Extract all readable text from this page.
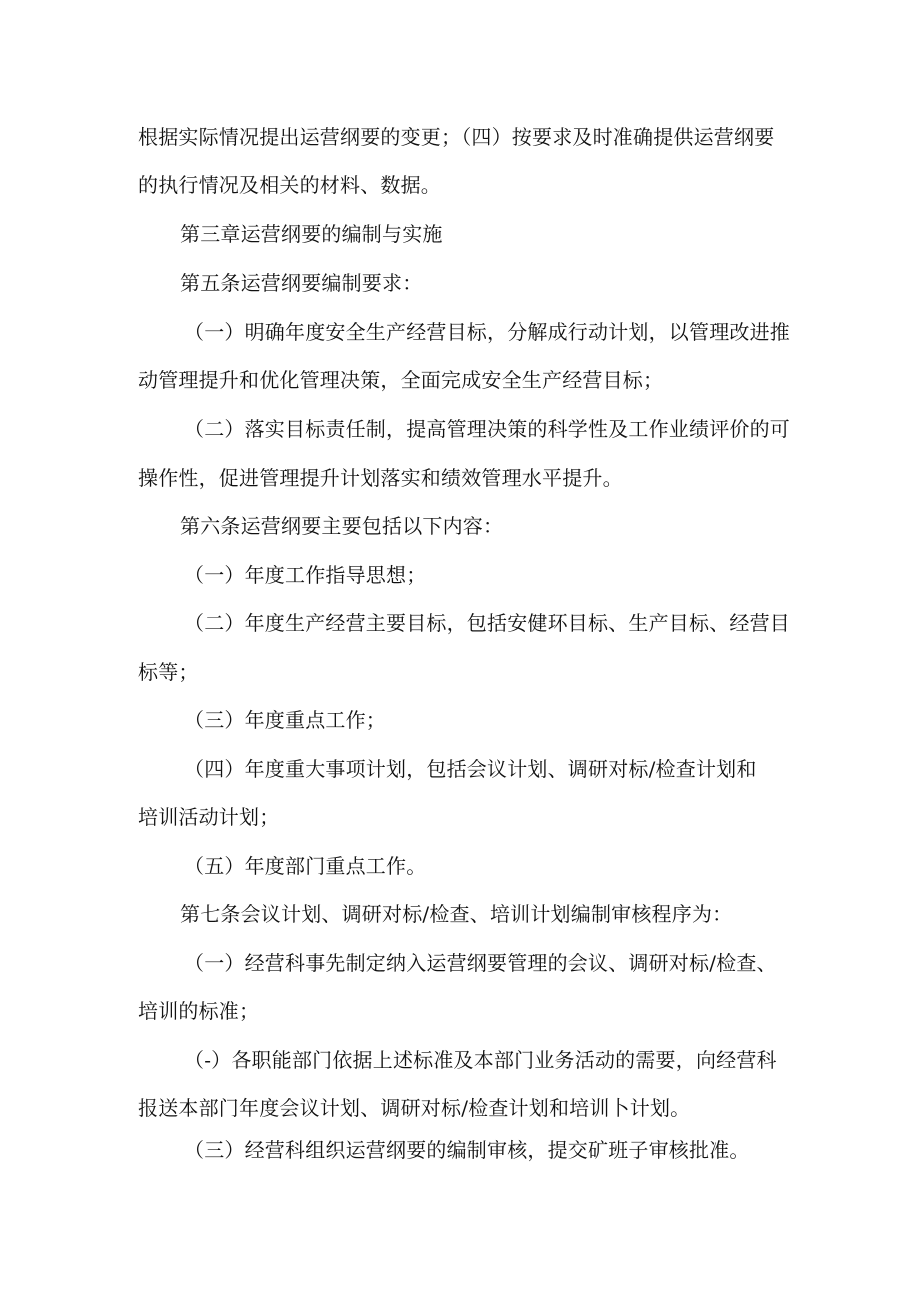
根据实际情况提出运营纲要的变更；（四）按要求及时准确提供运营纲要
的执行情况及相关的材料、数据。
第三章运营纲要的编制与实施
第五条运营纲要编制要求：
（一）明确年度安全生产经营目标，分解成行动计划，以管理改进推
动管理提升和优化管理决策，全面完成安全生产经营目标；
（二）落实目标责任制，提高管理决策的科学性及工作业绩评价的可
操作性，促进管理提升计划落实和绩效管理水平提升。
第六条运营纲要主要包括以下内容：
（一）年度工作指导思想；
（二）年度生产经营主要目标，包括安健环目标、生产目标、经营目
标等；
（三）年度重点工作；
（四）年度重大事项计划，包括会议计划、调研对标/检查计划和
培训活动计划；
（五）年度部门重点工作。
第七条会议计划、调研对标/检查、培训计划编制审核程序为：
（一）经营科事先制定纳入运营纲要管理的会议、调研对标/检查、
培训的标准；
（-）各职能部门依据上述标准及本部门业务活动的需要，向经营科
报送本部门年度会议计划、调研对标/检查计划和培训卜计划。
（三）经营科组织运营纲要的编制审核，提交矿班子审核批准。
